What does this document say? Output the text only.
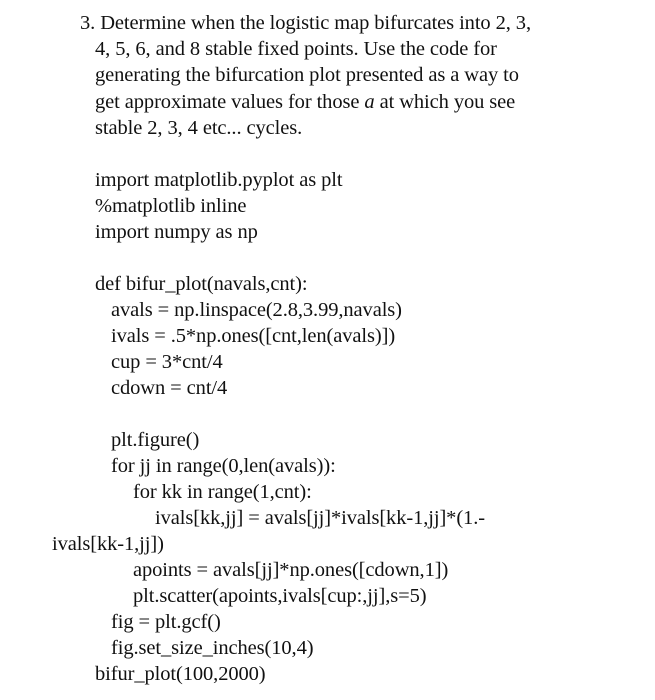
3. Determine when the logistic map bifurcates into 2, 3,
4, 5, 6, and 8 stable fixed points. Use the code for
generating the bifurcation plot presented as a way to
get approximate values for those a at which you see
stable 2, 3, 4 etc... cycles.
import matplotlib.pyplot as plt
%matplotlib inline
import numpy as np
def bifur_plot(navals,cnt):
avals = np.linspace(2.8,3.99,navals)
ivals = .5*np.ones([cnt,len(avals)])
cup = 3*cnt/4
cdown = cnt/4
plt.figure()
for jj in range(0,len(avals)):
for kk in range(1,cnt):
ivals[kk,jj] = avals[jj]*ivals[kk-1,jj]*(1.-
ivals[kk-1,jj])
apoints = avals[jj]*np.ones([cdown,1])
plt.scatter(apoints,ivals[cup:,jj],s=5)
fig = plt.gcf()
fig.set_size_inches(10,4)
bifur_plot(100,2000)
